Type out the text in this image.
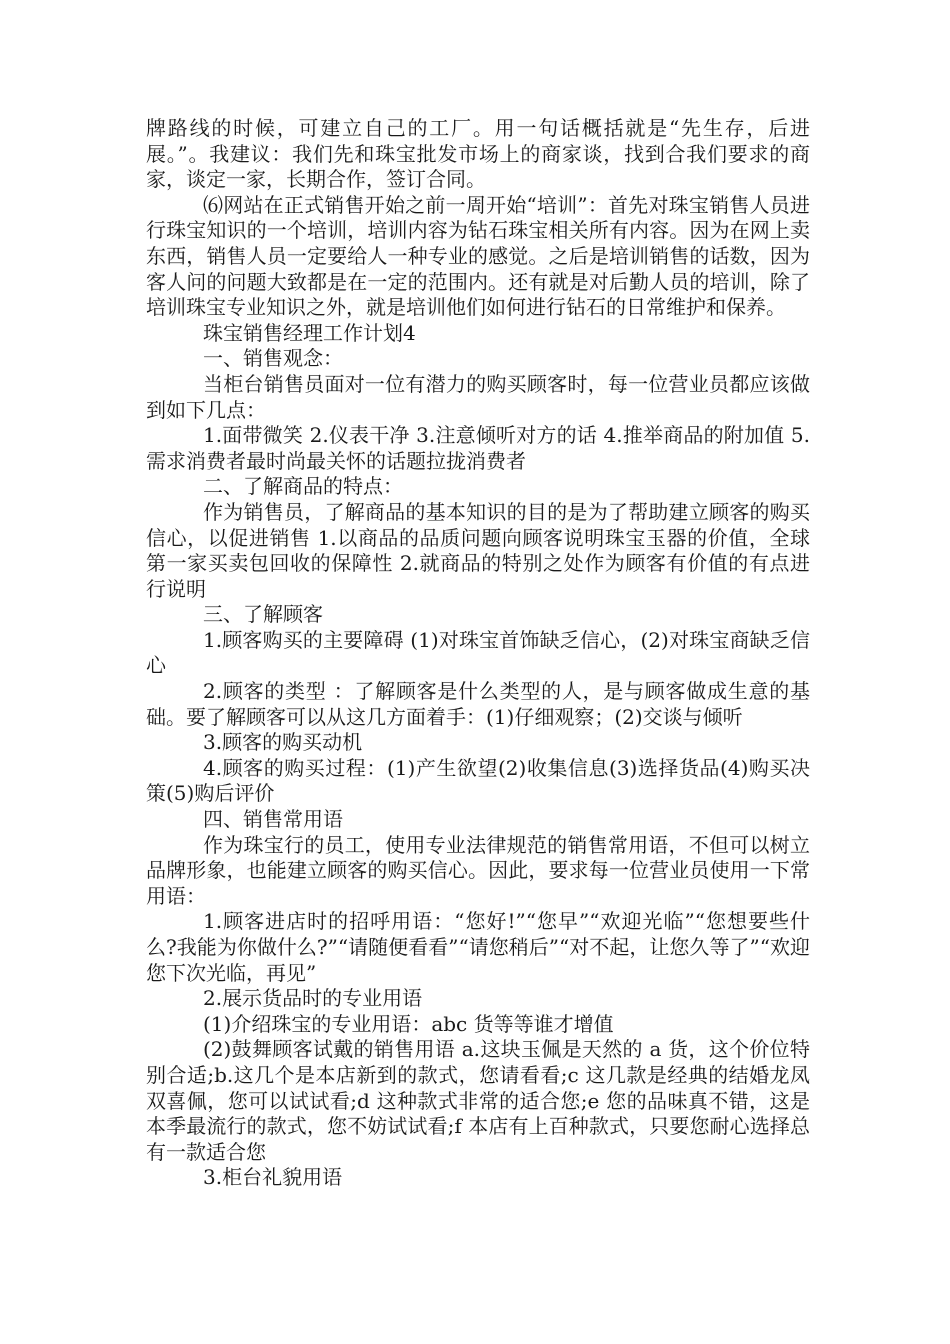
牌路线的时候，可建立自己的工厂。用一句话概括就是“先生存，后进展。”。我建议：我们先和珠宝批发市场上的商家谈，找到合我们要求的商家，谈定一家，长期合作，签订合同。

⑹网站在正式销售开始之前一周开始“培训”：首先对珠宝销售人员进行珠宝知识的一个培训，培训内容为钻石珠宝相关所有内容。因为在网上卖东西，销售人员一定要给人一种专业的感觉。之后是培训销售的话数，因为客人问的问题大致都是在一定的范围内。还有就是对后勤人员的培训，除了培训珠宝专业知识之外，就是培训他们如何进行钻石的日常维护和保养。

珠宝销售经理工作计划4

一、销售观念：

当柜台销售员面对一位有潜力的购买顾客时，每一位营业员都应该做到如下几点：

1.面带微笑 2.仪表干净 3.注意倾听对方的话 4.推举商品的附加值 5.需求消费者最时尚最关怀的话题拉拢消费者

二、了解商品的特点：

作为销售员，了解商品的基本知识的目的是为了帮助建立顾客的购买信心，以促进销售 1.以商品的品质问题向顾客说明珠宝玉器的价值，全球第一家买卖包回收的保障性 2.就商品的特别之处作为顾客有价值的有点进行说明

三、了解顾客

1.顾客购买的主要障碍 (1)对珠宝首饰缺乏信心，(2)对珠宝商缺乏信心

2.顾客的类型 ：了解顾客是什么类型的人，是与顾客做成生意的基础。要了解顾客可以从这几方面着手：(1)仔细观察；(2)交谈与倾听

3.顾客的购买动机

4.顾客的购买过程：(1)产生欲望(2)收集信息(3)选择货品(4)购买决策(5)购后评价

四、销售常用语

作为珠宝行的员工，使用专业法律规范的销售常用语，不但可以树立品牌形象，也能建立顾客的购买信心。因此，要求每一位营业员使用一下常用语：

1.顾客进店时的招呼用语：“您好!”“您早”“欢迎光临”“您想要些什么?我能为你做什么?”“请随便看看”“请您稍后”“对不起，让您久等了”“欢迎您下次光临，再见”

2.展示货品时的专业用语

(1)介绍珠宝的专业用语：abc 货等等谁才增值

(2)鼓舞顾客试戴的销售用语 a.这块玉佩是天然的 a 货，这个价位特别合适;b.这几个是本店新到的款式，您请看看;c 这几款是经典的结婚龙凤双喜佩，您可以试试看;d 这种款式非常的适合您;e 您的品味真不错，这是本季最流行的款式，您不妨试试看;f 本店有上百种款式，只要您耐心选择总有一款适合您

3.柜台礼貌用语
